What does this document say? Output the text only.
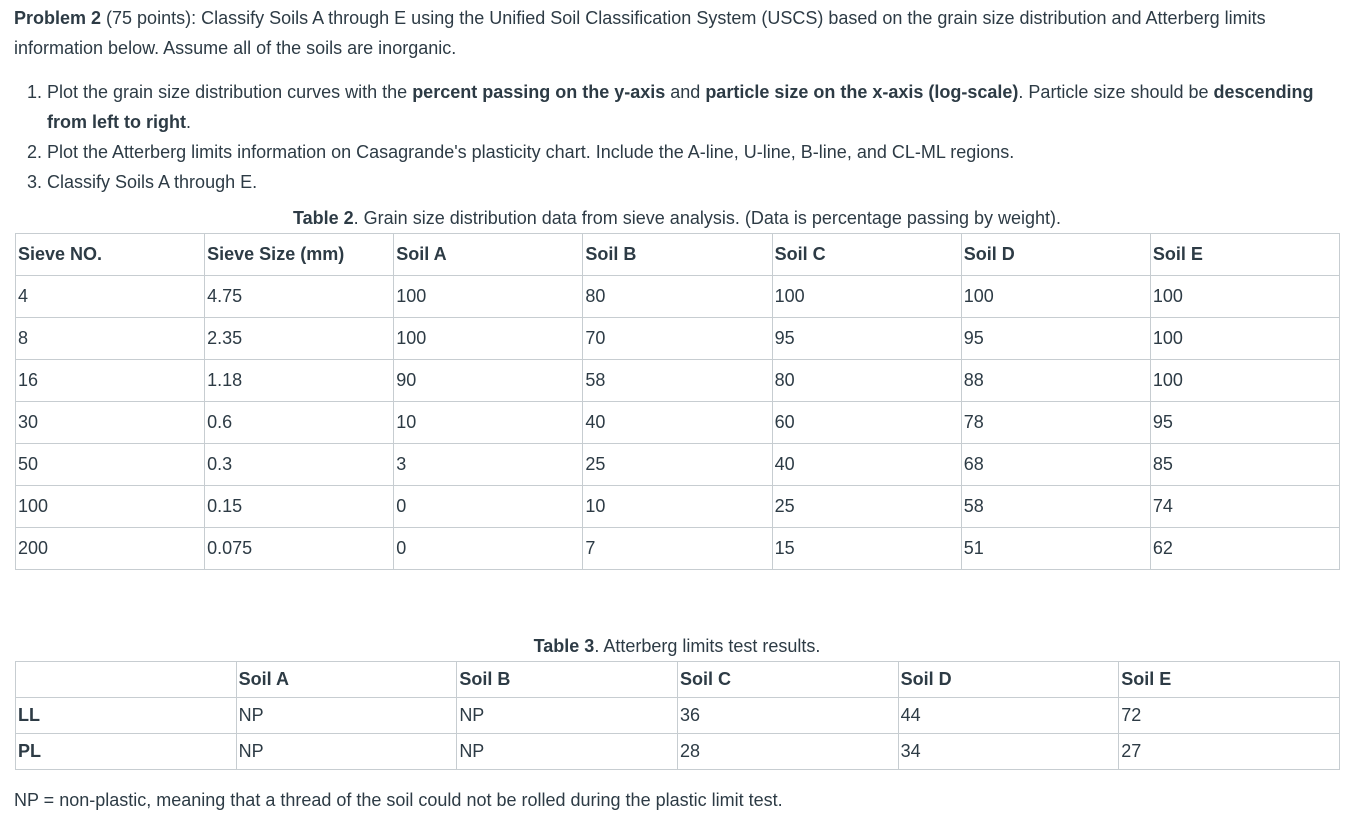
Problem 2 (75 points): Classify Soils A through E using the Unified Soil Classification System (USCS) based on the grain size distribution and Atterberg limits information below. Assume all of the soils are inorganic.

1. Plot the grain size distribution curves with the percent passing on the y-axis and particle size on the x-axis (log-scale). Particle size should be descending from left to right.
2. Plot the Atterberg limits information on Casagrande's plasticity chart. Include the A-line, U-line, B-line, and CL-ML regions.
3. Classify Soils A through E.
Table 2. Grain size distribution data from sieve analysis. (Data is percentage passing by weight).
Sieve NO.	Sieve Size (mm)	Soil A	Soil B	Soil C	Soil D	Soil E
4	4.75	100	80	100	100	100
8	2.35	100	70	95	95	100
16	1.18	90	58	80	88	100
30	0.6	10	40	60	78	95
50	0.3	3	25	40	68	85
100	0.15	0	10	25	58	74
200	0.075	0	7	15	51	62
Table 3. Atterberg limits test results.
	Soil A	Soil B	Soil C	Soil D	Soil E
LL	NP	NP	36	44	72
PL	NP	NP	28	34	27
NP = non-plastic, meaning that a thread of the soil could not be rolled during the plastic limit test.
